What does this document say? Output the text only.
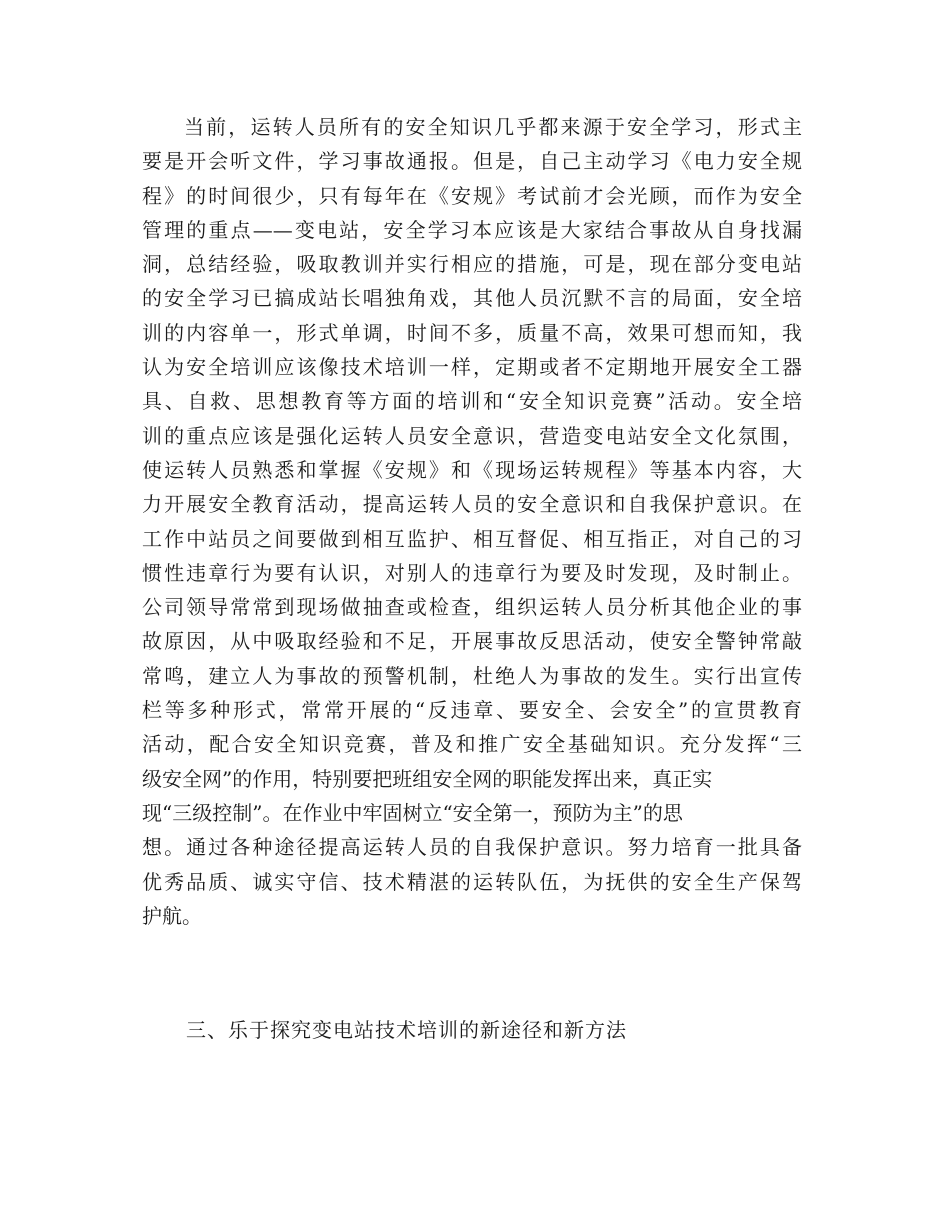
当前，运转人员所有的安全知识几乎都来源于安全学习，形式主
要是开会听文件，学习事故通报。但是，自己主动学习《电力安全规
程》的时间很少，只有每年在《安规》考试前才会光顾，而作为安全
管理的重点——变电站，安全学习本应该是大家结合事故从自身找漏
洞，总结经验，吸取教训并实行相应的措施，可是，现在部分变电站
的安全学习已搞成站长唱独角戏，其他人员沉默不言的局面，安全培
训的内容单一，形式单调，时间不多，质量不高，效果可想而知，我
认为安全培训应该像技术培训一样，定期或者不定期地开展安全工器
具、自救、思想教育等方面的培训和“安全知识竞赛”活动。安全培
训的重点应该是强化运转人员安全意识，营造变电站安全文化氛围，
使运转人员熟悉和掌握《安规》和《现场运转规程》等基本内容，大
力开展安全教育活动，提高运转人员的安全意识和自我保护意识。在
工作中站员之间要做到相互监护、相互督促、相互指正，对自己的习
惯性违章行为要有认识，对别人的违章行为要及时发现，及时制止。
公司领导常常到现场做抽查或检查，组织运转人员分析其他企业的事
故原因，从中吸取经验和不足，开展事故反思活动，使安全警钟常敲
常鸣，建立人为事故的预警机制，杜绝人为事故的发生。实行出宣传
栏等多种形式，常常开展的“反违章、要安全、会安全”的宣贯教育
活动，配合安全知识竞赛，普及和推广安全基础知识。充分发挥“三
级安全网”的作用，特别要把班组安全网的职能发挥出来，真正实
现“三级控制”。在作业中牢固树立“安全第一，预防为主”的思
想。通过各种途径提高运转人员的自我保护意识。努力培育一批具备
优秀品质、诚实守信、技术精湛的运转队伍，为抚供的安全生产保驾
护航。
三、乐于探究变电站技术培训的新途径和新方法
